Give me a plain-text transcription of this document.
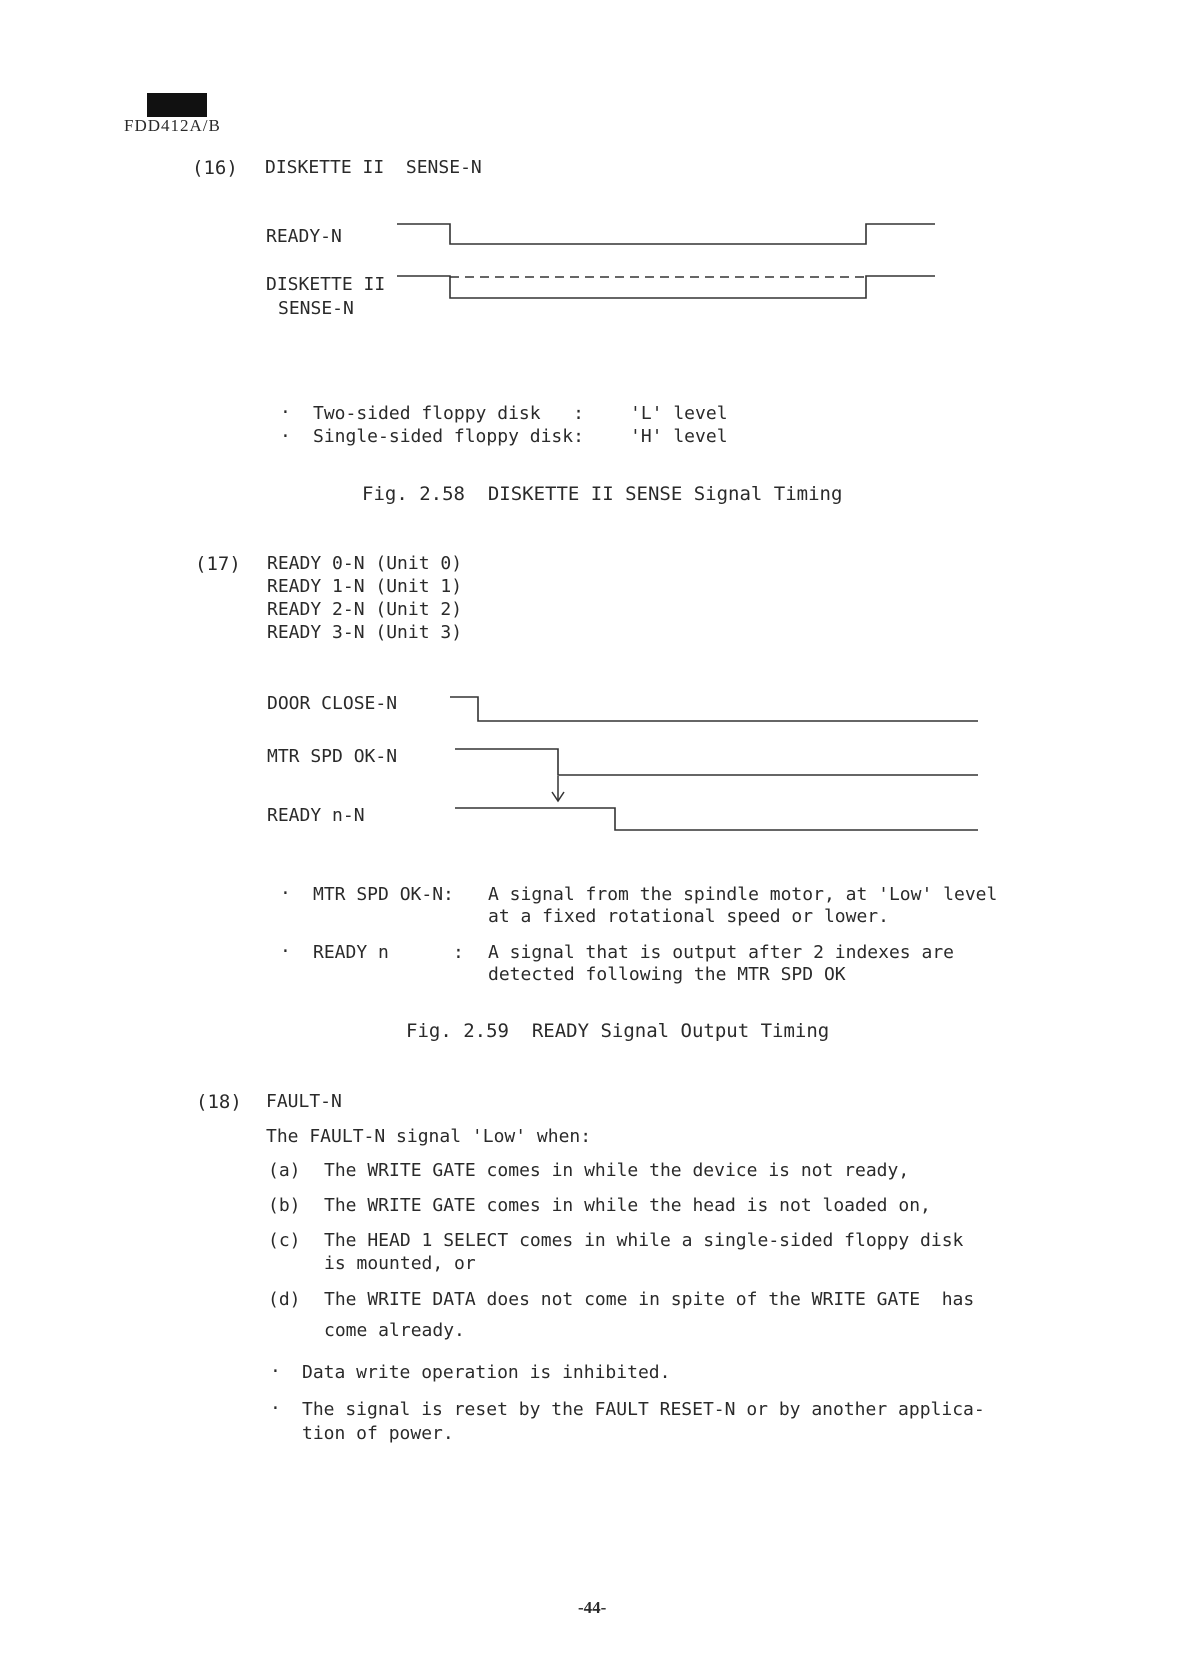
FDD412A/B
(16) DISKETTE II  SENSE-N
READY-N
DISKETTE II
SENSE-N
· Two-sided floppy disk   :	'L' level
· Single-sided floppy disk:	'H' level
Fig. 2.58  DISKETTE II SENSE Signal Timing
(17) READY 0-N (Unit 0)
READY 1-N (Unit 1)
READY 2-N (Unit 2)
READY 3-N (Unit 3)
DOOR CLOSE-N
MTR SPD OK-N
READY n-N
· MTR SPD OK-N: A signal from the spindle motor, at 'Low' level
at a fixed rotational speed or lower.
· READY n	: A signal that is output after 2 indexes are
detected following the MTR SPD OK
Fig. 2.59  READY Signal Output Timing
(18) FAULT-N
The FAULT-N signal 'Low' when:
(a) The WRITE GATE comes in while the device is not ready,
(b) The WRITE GATE comes in while the head is not loaded on,
(c) The HEAD 1 SELECT comes in while a single-sided floppy disk
is mounted, or
(d) The WRITE DATA does not come in spite of the WRITE GATE  has
come already.
· Data write operation is inhibited.
· The signal is reset by the FAULT RESET-N or by another applica-
tion of power.
-44-
